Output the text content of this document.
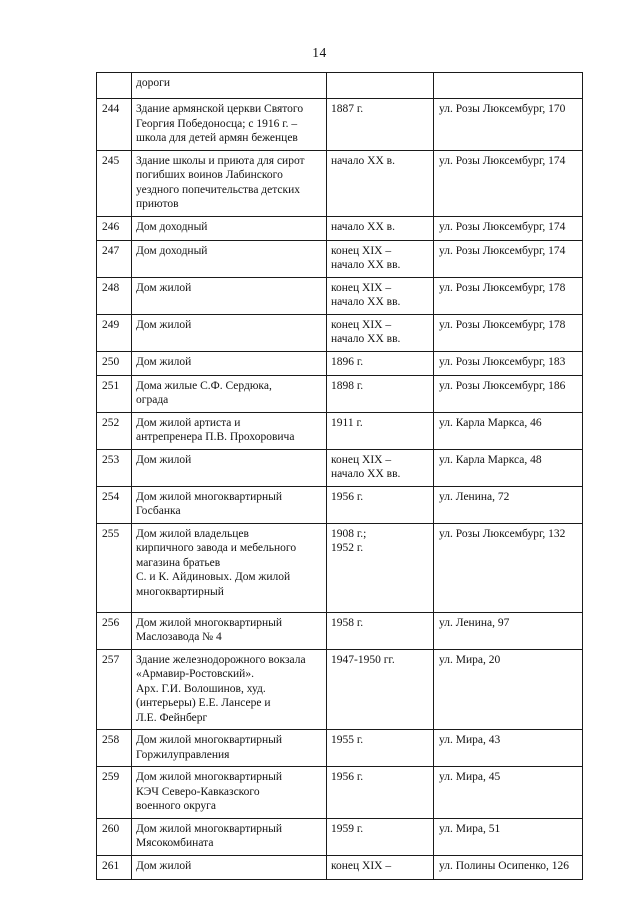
14

	дороги		

244	Здание армянской церкви Святого
Георгия Победоносца; с 1916 г. –
школа для детей армян беженцев	1887 г.	ул. Розы Люксембург, 170

245	Здание школы и приюта для сирот
погибших воинов Лабинского
уездного попечительства детских
приютов	начало XX в.	ул. Розы Люксембург, 174

246	Дом доходный	начало XX в.	ул. Розы Люксембург, 174

247	Дом доходный	конец XIX –
начало XX вв.	ул. Розы Люксембург, 174

248	Дом жилой	конец XIX –
начало XX вв.	ул. Розы Люксембург, 178

249	Дом жилой	конец XIX –
начало XX вв.	ул. Розы Люксембург, 178

250	Дом жилой	1896 г.	ул. Розы Люксембург, 183

251	Дома жилые С.Ф. Сердюка,
ограда	1898 г.	ул. Розы Люксембург, 186

252	Дом жилой артиста и
антрепренера П.В. Прохоровича	1911 г.	ул. Карла Маркса, 46

253	Дом жилой	конец XIX –
начало XX вв.	ул. Карла Маркса, 48

254	Дом жилой многоквартирный
Госбанка	1956 г.	ул. Ленина, 72

255	Дом жилой владельцев
кирпичного завода и мебельного
магазина братьев
С. и К. Айдиновых. Дом жилой
многоквартирный	1908 г.;
1952 г.	ул. Розы Люксембург, 132

256	Дом жилой многоквартирный
Маслозавода № 4	1958 г.	ул. Ленина, 97

257	Здание железнодорожного вокзала
«Армавир-Ростовский».
Арх. Г.И. Волошинов, худ.
(интерьеры) Е.Е. Лансере и
Л.Е. Фейнберг	1947-1950 гг.	ул. Мира, 20

258	Дом жилой многоквартирный
Горжилуправления	1955 г.	ул. Мира, 43

259	Дом жилой многоквартирный
КЭЧ Северо-Кавказского
военного округа	1956 г.	ул. Мира, 45

260	Дом жилой многоквартирный
Мясокомбината	1959 г.	ул. Мира, 51

261	Дом жилой	конец XIX –	ул. Полины Осипенко, 126
